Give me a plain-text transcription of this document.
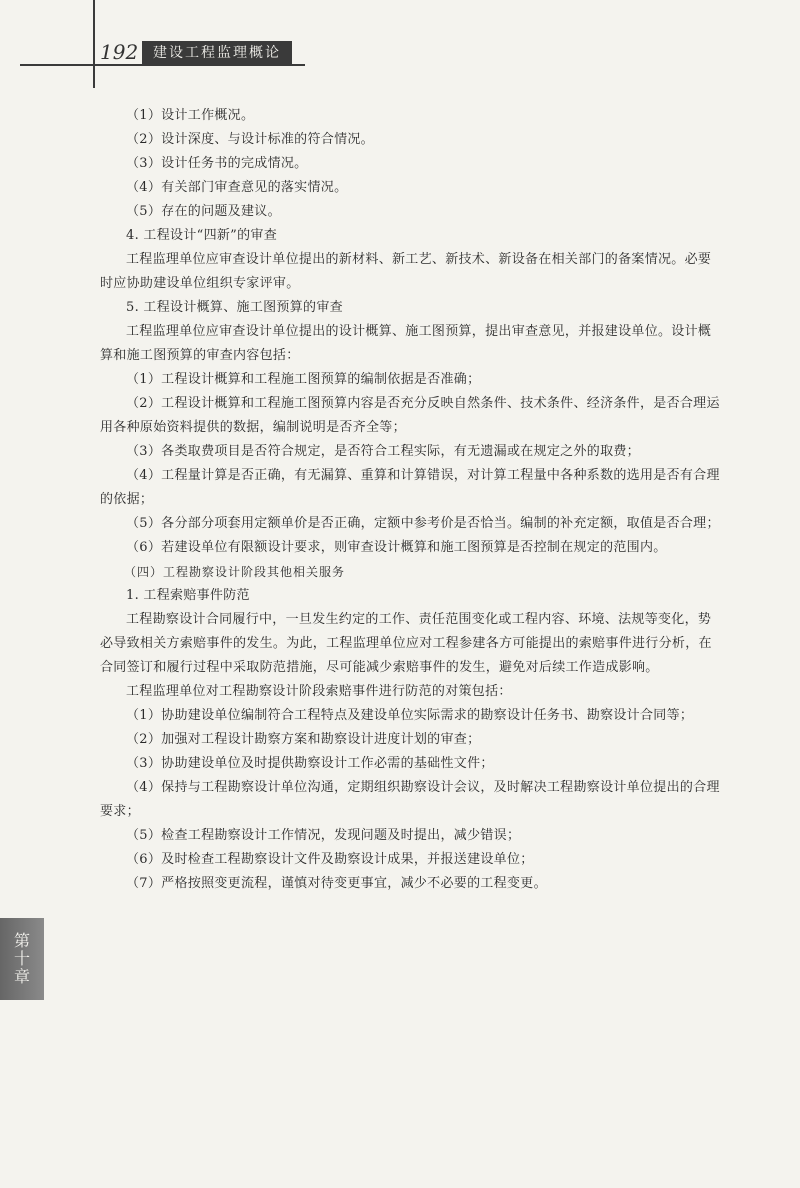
192	建设工程监理概论
第
十
章

（1）设计工作概况。

（2）设计深度、与设计标准的符合情况。

（3）设计任务书的完成情况。

（4）有关部门审查意见的落实情况。

（5）存在的问题及建议。

4. 工程设计“四新”的审查

工程监理单位应审查设计单位提出的新材料、新工艺、新技术、新设备在相关部门的备案情况。必要时应协助建设单位组织专家评审。

5. 工程设计概算、施工图预算的审查

工程监理单位应审查设计单位提出的设计概算、施工图预算，提出审查意见，并报建设单位。设计概算和施工图预算的审查内容包括：

（1）工程设计概算和工程施工图预算的编制依据是否准确；

（2）工程设计概算和工程施工图预算内容是否充分反映自然条件、技术条件、经济条件，是否合理运用各种原始资料提供的数据，编制说明是否齐全等；

（3）各类取费项目是否符合规定，是否符合工程实际，有无遗漏或在规定之外的取费；

（4）工程量计算是否正确，有无漏算、重算和计算错误，对计算工程量中各种系数的选用是否有合理的依据；

（5）各分部分项套用定额单价是否正确，定额中参考价是否恰当。编制的补充定额，取值是否合理；

（6）若建设单位有限额设计要求，则审查设计概算和施工图预算是否控制在规定的范围内。

（四）工程勘察设计阶段其他相关服务

1. 工程索赔事件防范

工程勘察设计合同履行中，一旦发生约定的工作、责任范围变化或工程内容、环境、法规等变化，势必导致相关方索赔事件的发生。为此，工程监理单位应对工程参建各方可能提出的索赔事件进行分析，在合同签订和履行过程中采取防范措施，尽可能减少索赔事件的发生，避免对后续工作造成影响。

工程监理单位对工程勘察设计阶段索赔事件进行防范的对策包括：

（1）协助建设单位编制符合工程特点及建设单位实际需求的勘察设计任务书、勘察设计合同等；

（2）加强对工程设计勘察方案和勘察设计进度计划的审查；

（3）协助建设单位及时提供勘察设计工作必需的基础性文件；

（4）保持与工程勘察设计单位沟通，定期组织勘察设计会议，及时解决工程勘察设计单位提出的合理要求；

（5）检查工程勘察设计工作情况，发现问题及时提出，减少错误；

（6）及时检查工程勘察设计文件及勘察设计成果，并报送建设单位；

（7）严格按照变更流程，谨慎对待变更事宜，减少不必要的工程变更。
